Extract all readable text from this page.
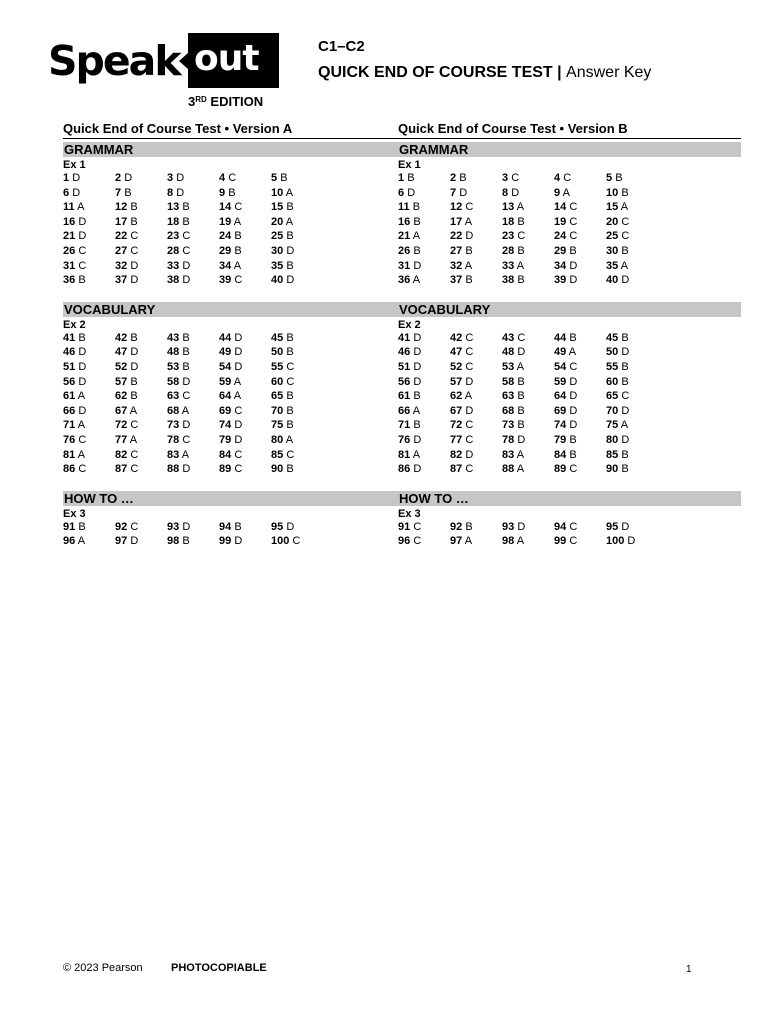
Speak out
3RD EDITION
C1–C2
QUICK END OF COURSE TEST | Answer Key
Quick End of Course Test • Version A
GRAMMAR
Ex 1
1 D	2 D	3 D	4 C	5 B
6 D	7 B	8 D	9 B	10 A
11 A	12 B	13 B	14 C	15 B
16 D	17 B	18 B	19 A	20 A
21 D	22 C	23 C	24 B	25 B
26 C	27 C	28 C	29 B	30 D
31 C	32 D	33 D	34 A	35 B
36 B	37 D	38 D	39 C	40 D
VOCABULARY
Ex 2
41 B	42 B	43 B	44 D	45 B
46 D	47 D	48 B	49 D	50 B
51 D	52 D	53 B	54 D	55 C
56 D	57 B	58 D	59 A	60 C
61 A	62 B	63 C	64 A	65 B
66 D	67 A	68 A	69 C	70 B
71 A	72 C	73 D	74 D	75 B
76 C	77 A	78 C	79 D	80 A
81 A	82 C	83 A	84 C	85 C
86 C	87 C	88 D	89 C	90 B
HOW TO …
Ex 3
91 B	92 C	93 D	94 B	95 D
96 A	97 D	98 B	99 D	100 C
Quick End of Course Test • Version B
GRAMMAR
Ex 1
1 B	2 B	3 C	4 C	5 B
6 D	7 D	8 D	9 A	10 B
11 B	12 C	13 A	14 C	15 A
16 B	17 A	18 B	19 C	20 C
21 A	22 D	23 C	24 C	25 C
26 B	27 B	28 B	29 B	30 B
31 D	32 A	33 A	34 D	35 A
36 A	37 B	38 B	39 D	40 D
VOCABULARY
Ex 2
41 D	42 C	43 C	44 B	45 B
46 D	47 C	48 D	49 A	50 D
51 D	52 C	53 A	54 C	55 B
56 D	57 D	58 B	59 D	60 B
61 B	62 A	63 B	64 D	65 C
66 A	67 D	68 B	69 D	70 D
71 B	72 C	73 B	74 D	75 A
76 D	77 C	78 D	79 B	80 D
81 A	82 D	83 A	84 B	85 B
86 D	87 C	88 A	89 C	90 B
HOW TO …
Ex 3
91 C	92 B	93 D	94 C	95 D
96 C	97 A	98 A	99 C	100 D
© 2023 Pearson	PHOTOCOPIABLE	1
